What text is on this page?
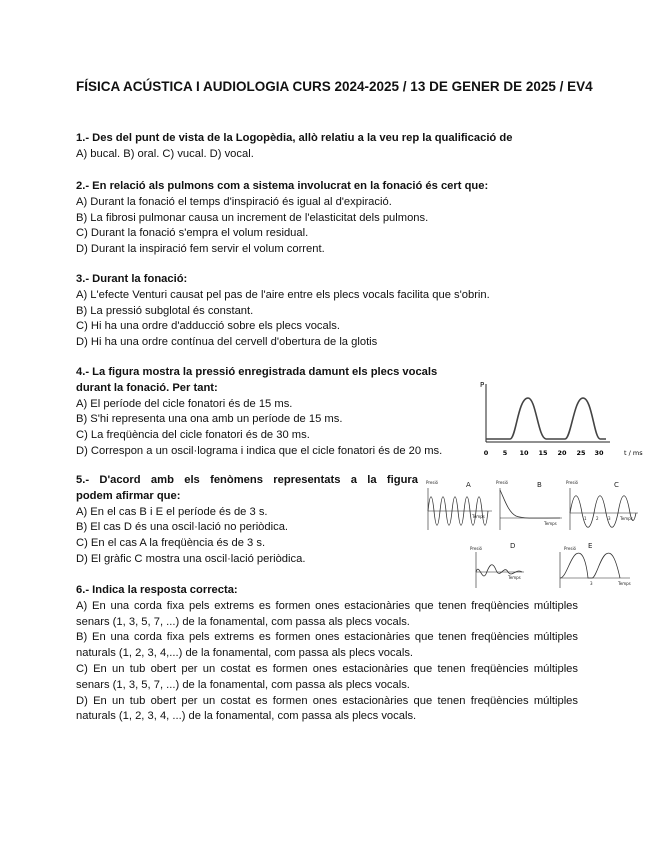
FÍSICA ACÚSTICA I AUDIOLOGIA CURS 2024-2025 / 13 DE GENER DE 2025 / EV4

1.- Des del punt de vista de la Logopèdia, allò relatiu a la veu rep la qualificació de

A) bucal. B) oral. C) vucal. D) vocal.

2.- En relació als pulmons com a sistema involucrat en la fonació és cert que:

A) Durant la fonació el temps d'inspiració és igual al d'expiració.

B) La fibrosi pulmonar causa un increment de l'elasticitat dels pulmons.

C) Durant la fonació s'empra el volum residual.

D) Durant la inspiració fem servir el volum corrent.

3.- Durant la fonació:

A) L'efecte Venturi causat pel pas de l'aire entre els plecs vocals facilita que s'obrin.

B) La pressió subglotal és constant.

C) Hi ha una ordre d'adducció sobre els plecs vocals.

D) Hi ha una ordre contínua del cervell d'obertura de la glotis

4.- La figura mostra la pressió enregistrada damunt els plecs vocals

durant la fonació. Per tant:

A) El període del cicle fonatori és de 15 ms.

B) S'hi representa una ona amb un període de 15 ms.

C) La freqüència del cicle fonatori és de 30 ms.

D) Correspon a un oscil·lograma i indica que el cicle fonatori és de 20 ms.

P
0 5 10 15 20 25 30	t / ms

5.- D'acord amb els fenòmens representats a la figura

podem afirmar que:

A) En el cas B i E el període és de 3 s.

B) El cas D és una oscil·lació no periòdica.

C) En el cas A la freqüència és de 3 s.

D) El gràfic C mostra una oscil·lació periòdica.

Presió	A
Temps
Presió	B
Temps
Presió	C
1 2 3 Temps
Presió	D
Temps
Presió E
3	Temps

6.- Indica la resposta correcta:

A) En una corda fixa pels extrems es formen ones estacionàries que tenen freqüències múltiples senars (1, 3, 5, 7, ...) de la fonamental, com passa als plecs vocals.

B) En una corda fixa pels extrems es formen ones estacionàries que tenen freqüències múltiples naturals (1, 2, 3, 4,...) de la fonamental, com passa als plecs vocals.

C) En un tub obert per un costat es formen ones estacionàries que tenen freqüències múltiples senars (1, 3, 5, 7, ...) de la fonamental, com passa als plecs vocals.

D) En un tub obert per un costat es formen ones estacionàries que tenen freqüències múltiples naturals (1, 2, 3, 4, ...) de la fonamental, com passa als plecs vocals.
